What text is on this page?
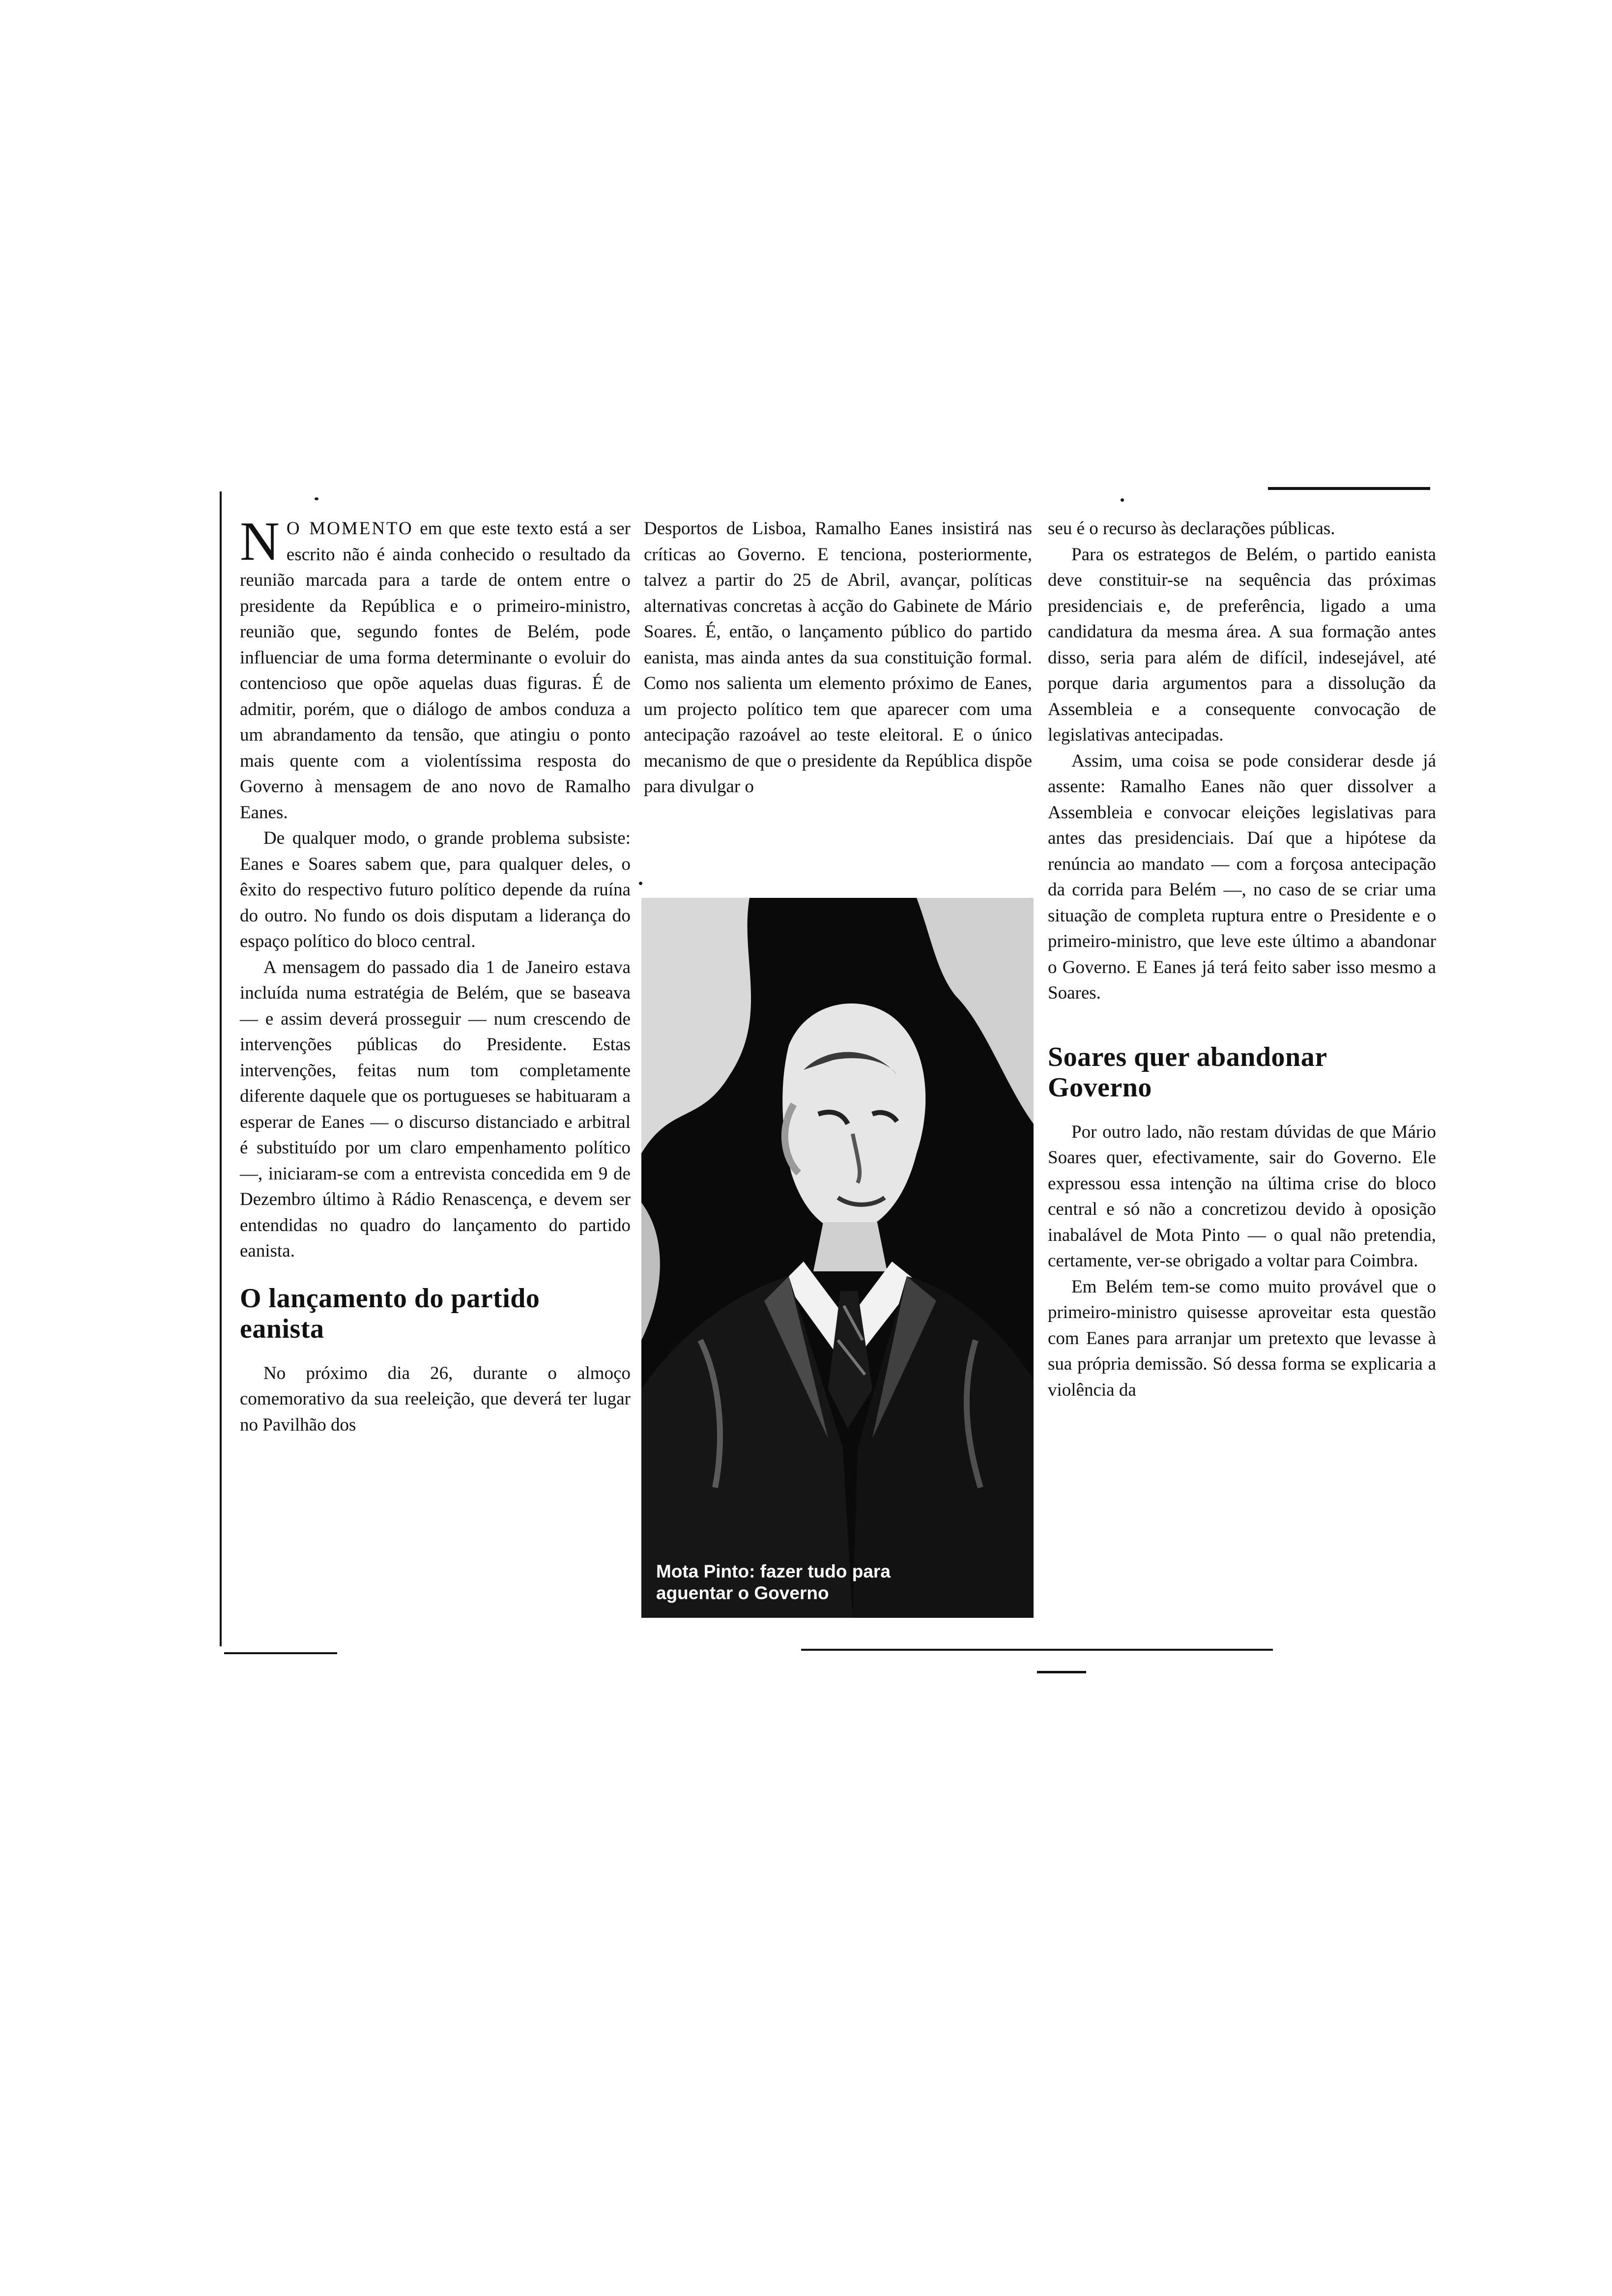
N O MOMENTO em que este texto está a ser escrito não é ainda conhecido o resultado da reunião marcada para a tarde de ontem entre o presidente da República e o primeiro-ministro, reunião que, segundo fontes de Belém, pode influenciar de uma forma determinante o evoluir do contencioso que opõe aquelas duas figuras. É de admitir, porém, que o diálogo de ambos conduza a um abrandamento da tensão, que atingiu o ponto mais quente com a violentíssima resposta do Governo à mensagem de ano novo de Ramalho Eanes.

De qualquer modo, o grande problema subsiste: Eanes e Soares sabem que, para qualquer deles, o êxito do respectivo futuro político depende da ruína do outro. No fundo os dois disputam a liderança do espaço político do bloco central.

A mensagem do passado dia 1 de Janeiro estava incluída numa estratégia de Belém, que se baseava — e assim deverá prosseguir — num crescendo de intervenções públicas do Presidente. Estas intervenções, feitas num tom completamente diferente daquele que os portugueses se habituaram a esperar de Eanes — o discurso distanciado e arbitral é substituído por um claro empenhamento político —, iniciaram-se com a entrevista concedida em 9 de Dezembro último à Rádio Renascença, e devem ser entendidas no quadro do lançamento do partido eanista.

O lançamento do partido eanista

No próximo dia 26, durante o almoço comemorativo da sua reeleição, que deverá ter lugar no Pavilhão dos

Desportos de Lisboa, Ramalho Eanes insistirá nas críticas ao Governo. E tenciona, posteriormente, talvez a partir do 25 de Abril, avançar, políticas alternativas concretas à acção do Gabinete de Mário Soares. É, então, o lançamento público do partido eanista, mas ainda antes da sua constituição formal. Como nos salienta um elemento próximo de Eanes, um projecto político tem que aparecer com uma antecipação razoável ao teste eleitoral. E o único mecanismo de que o presidente da República dispõe para divulgar o

Mota Pinto: fazer tudo para aguentar o Governo

seu é o recurso às declarações públicas.

Para os estrategos de Belém, o partido eanista deve constituir-se na sequência das próximas presidenciais e, de preferência, ligado a uma candidatura da mesma área. A sua formação antes disso, seria para além de difícil, indesejável, até porque daria argumentos para a dissolução da Assembleia e a consequente convocação de legislativas antecipadas.

Assim, uma coisa se pode considerar desde já assente: Ramalho Eanes não quer dissolver a Assembleia e convocar eleições legislativas para antes das presidenciais. Daí que a hipótese da renúncia ao mandato — com a forçosa antecipação da corrida para Belém —, no caso de se criar uma situação de completa ruptura entre o Presidente e o primeiro-ministro, que leve este último a abandonar o Governo. E Eanes já terá feito saber isso mesmo a Soares.

Soares quer abandonar Governo

Por outro lado, não restam dúvidas de que Mário Soares quer, efectivamente, sair do Governo. Ele expressou essa intenção na última crise do bloco central e só não a concretizou devido à oposição inabalável de Mota Pinto — o qual não pretendia, certamente, ver-se obrigado a voltar para Coimbra.

Em Belém tem-se como muito provável que o primeiro-ministro quisesse aproveitar esta questão com Eanes para arranjar um pretexto que levasse à sua própria demissão. Só dessa forma se explicaria a violência da
